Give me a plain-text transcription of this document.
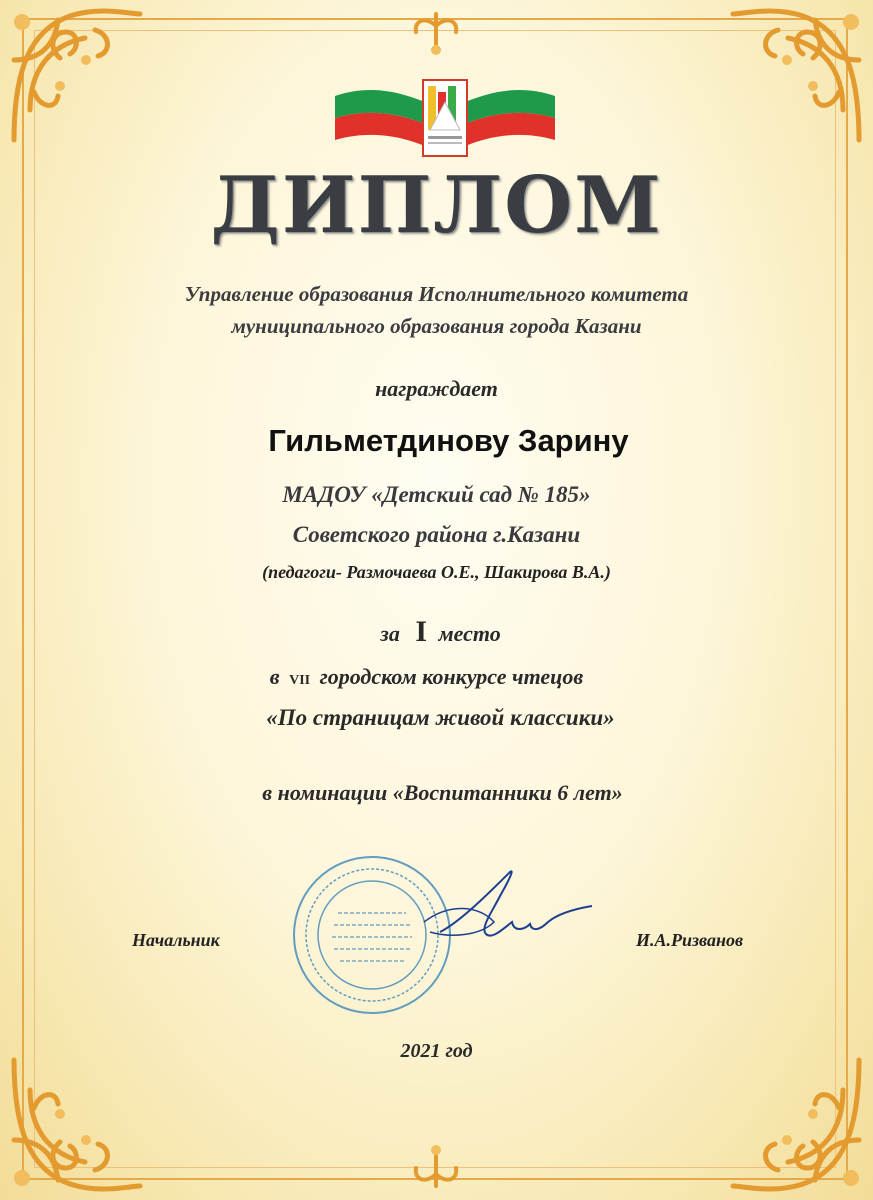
ДИПЛОМ
Управление образования Исполнительного комитета
муниципального образования города Казани
награждает
Гильметдинову Зарину
МАДОУ «Детский сад № 185»
Советского района г.Казани
(педагоги- Размочаева О.Е., Шакирова В.А.)
за I место
в VII городском конкурсе чтецов
«По страницам живой классики»
в номинации «Воспитанники 6 лет»
Начальник	И.А.Ризванов
2021 год
